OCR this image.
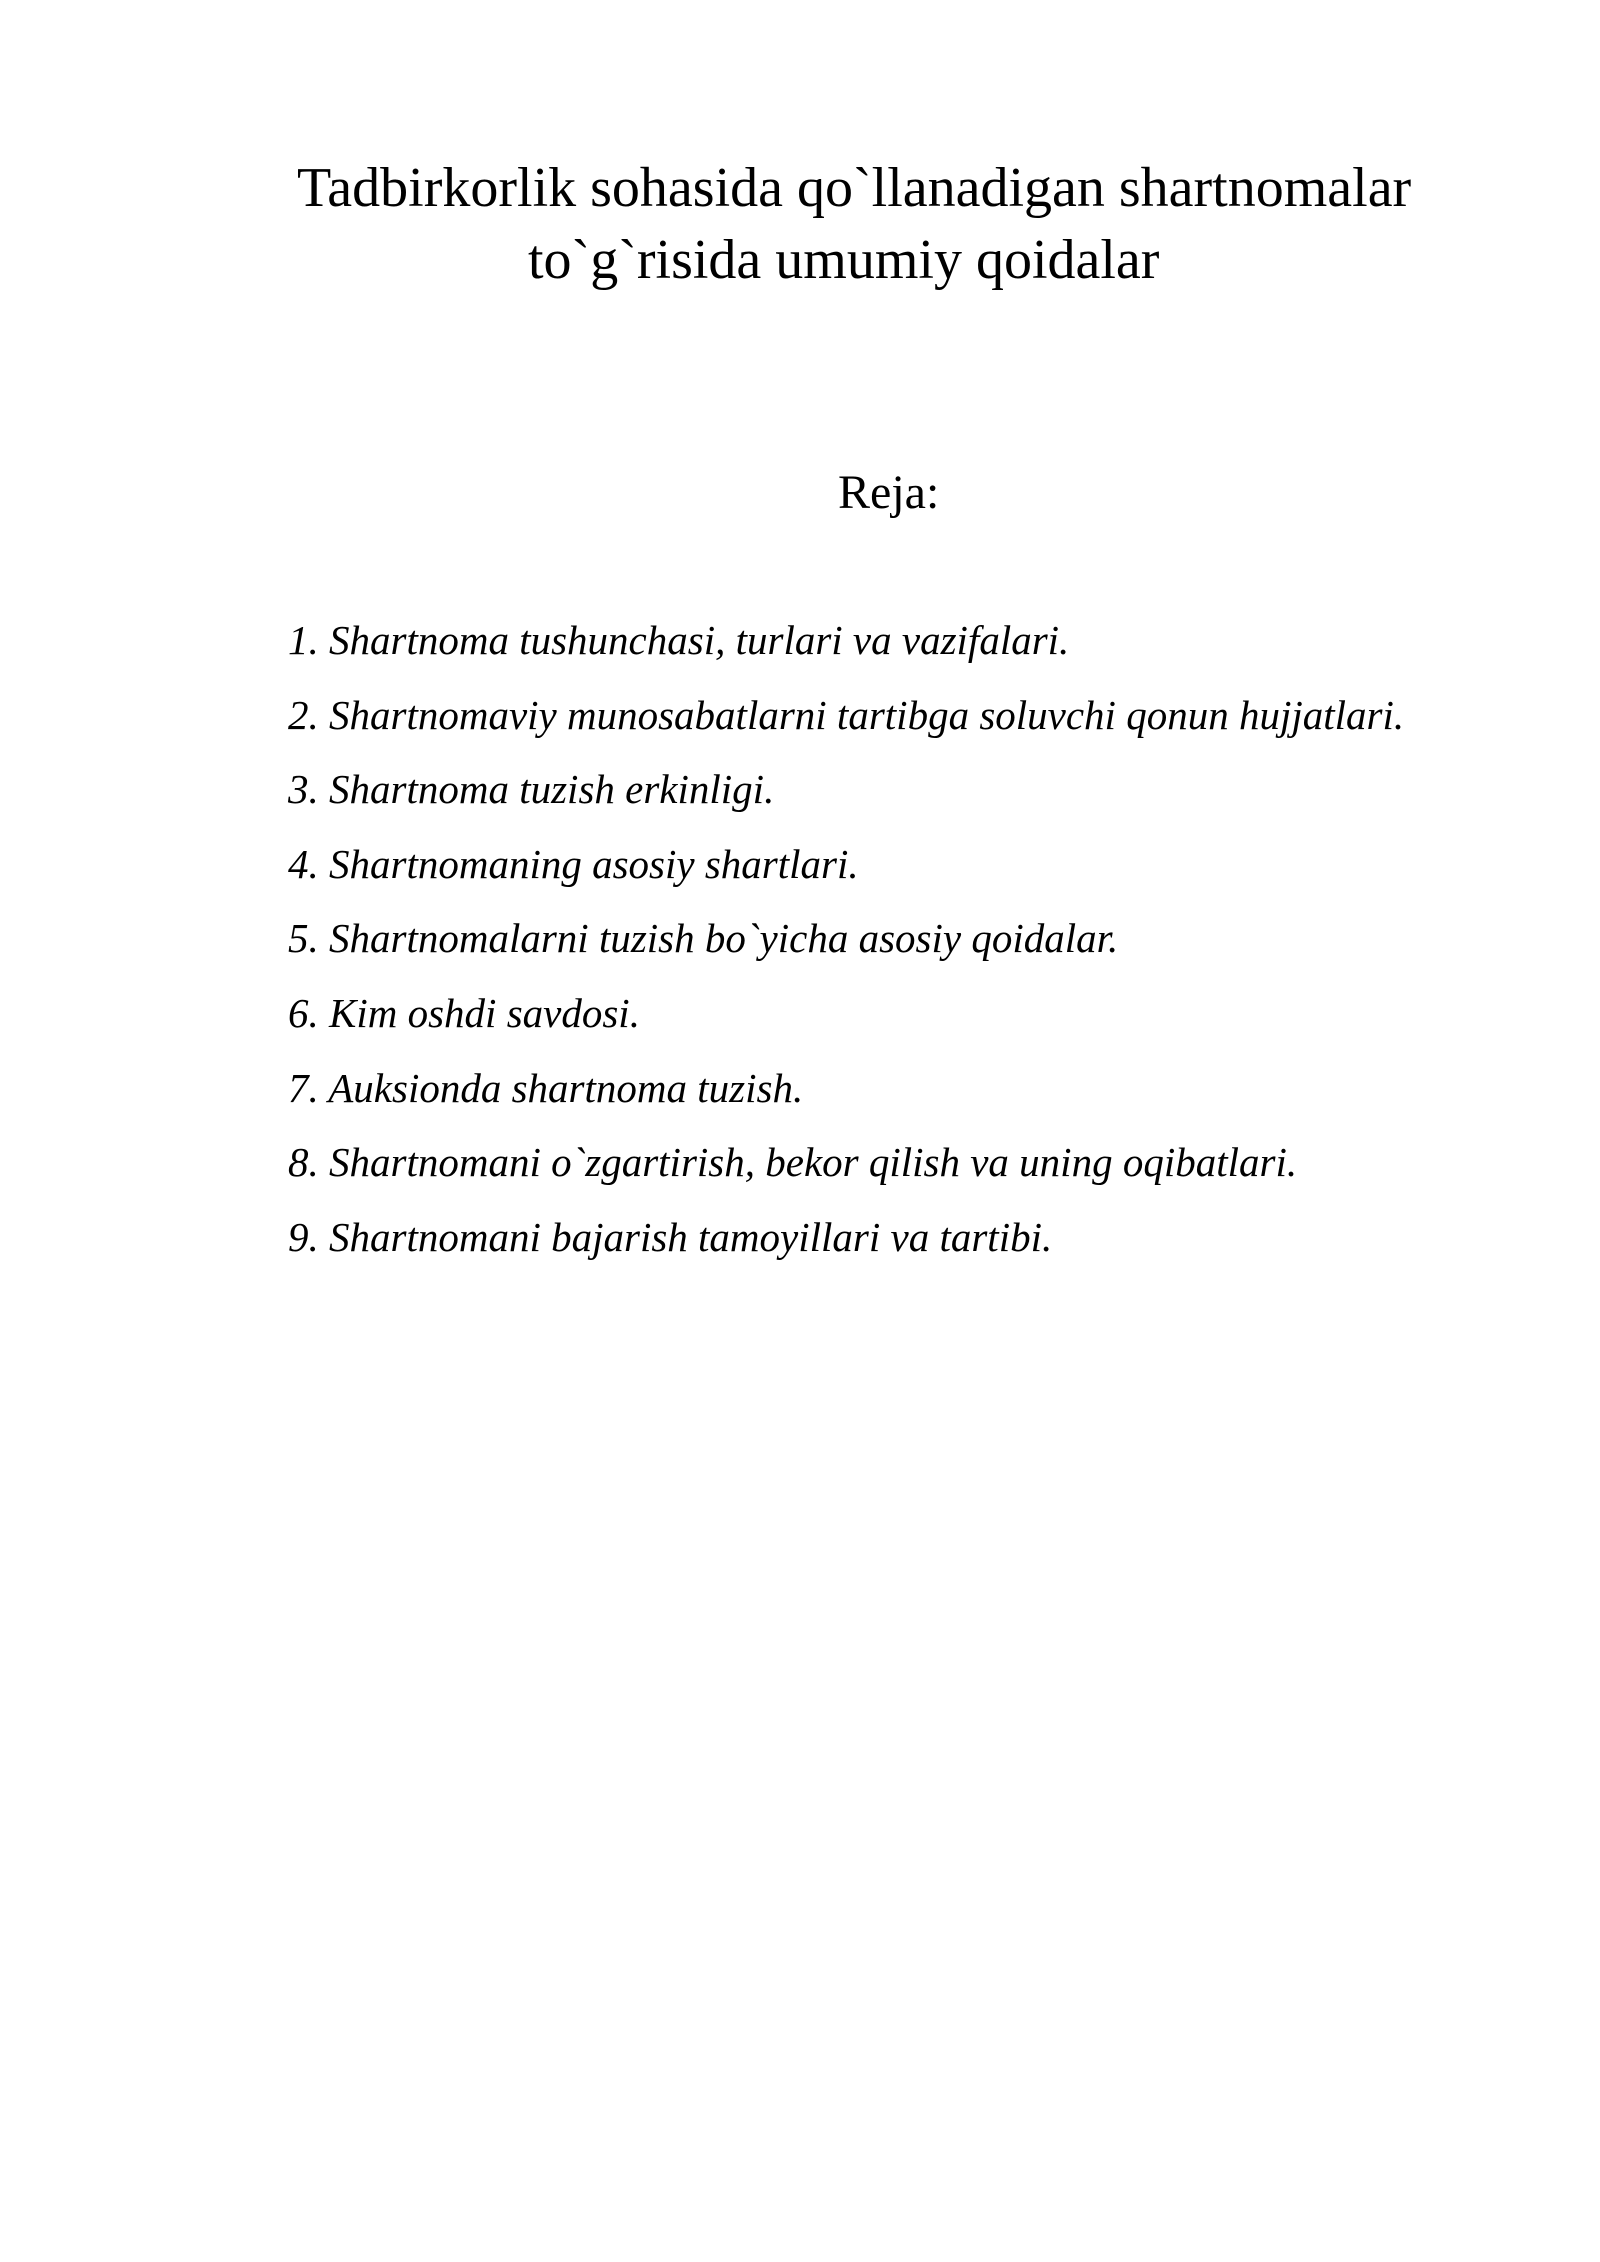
Tadbirkorlik sohasida qo`llanadigan shartnomalar
to`g`risida umumiy qoidalar
Reja:
1. Shartnoma tushunchasi, turlari va vazifalari.
2. Shartnomaviy munosabatlarni tartibga soluvchi qonun hujjatlari.
3. Shartnoma tuzish erkinligi.
4. Shartnomaning asosiy shartlari.
5. Shartnomalarni tuzish bo`yicha asosiy qoidalar.
6. Kim oshdi savdosi.
7. Auksionda shartnoma tuzish.
8. Shartnomani o`zgartirish, bekor qilish va uning oqibatlari.
9. Shartnomani bajarish tamoyillari va tartibi.
